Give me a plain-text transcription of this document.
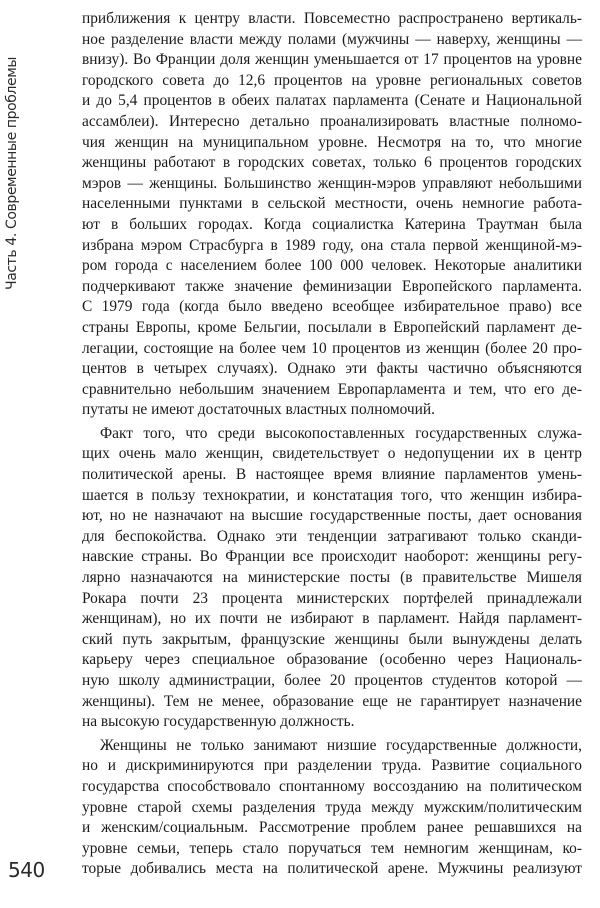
Часть 4. Современные проблемы
приближения к центру власти. Повсеместно распространено вертикаль-
ное разделение власти между полами (мужчины — наверху, женщины —
внизу). Во Франции доля женщин уменьшается от 17 процентов на уровне
городского совета до 12,6 процентов на уровне региональных советов
и до 5,4 процентов в обеих палатах парламента (Сенате и Национальной
ассамблеи). Интересно детально проанализировать властные полномо-
чия женщин на муниципальном уровне. Несмотря на то, что многие
женщины работают в городских советах, только 6 процентов городских
мэров — женщины. Большинство женщин-мэров управляют небольшими
населенными пунктами в сельской местности, очень немногие работа-
ют в больших городах. Когда социалистка Катерина Траутман была
избрана мэром Страсбурга в 1989 году, она стала первой женщиной-мэ-
ром города с населением более 100 000 человек. Некоторые аналитики
подчеркивают также значение феминизации Европейского парламента.
С 1979 года (когда было введено всеобщее избирательное право) все
страны Европы, кроме Бельгии, посылали в Европейский парламент де-
легации, состоящие на более чем 10 процентов из женщин (более 20 про-
центов в четырех случаях). Однако эти факты частично объясняются
сравнительно небольшим значением Европарламента и тем, что его де-
путаты не имеют достаточных властных полномочий.
Факт того, что среди высокопоставленных государственных служа-
щих очень мало женщин, свидетельствует о недопущении их в центр
политической арены. В настоящее время влияние парламентов умень-
шается в пользу технократии, и констатация того, что женщин избира-
ют, но не назначают на высшие государственные посты, дает основания
для беспокойства. Однако эти тенденции затрагивают только сканди-
навские страны. Во Франции все происходит наоборот: женщины регу-
лярно назначаются на министерские посты (в правительстве Мишеля
Рокара почти 23 процента министерских портфелей принадлежали
женщинам), но их почти не избирают в парламент. Найдя парламент-
ский путь закрытым, французские женщины были вынуждены делать
карьеру через специальное образование (особенно через Националь-
ную школу администрации, более 20 процентов студентов которой —
женщины). Тем не менее, образование еще не гарантирует назначение
на высокую государственную должность.
Женщины не только занимают низшие государственные должности,
но и дискриминируются при разделении труда. Развитие социального
государства способствовало спонтанному воссозданию на политическом
уровне старой схемы разделения труда между мужским/политическим
и женским/социальным. Рассмотрение проблем ранее решавшихся на
уровне семьи, теперь стало поручаться тем немногим женщинам, ко-
торые добивались места на политической арене. Мужчины реализуют
540
